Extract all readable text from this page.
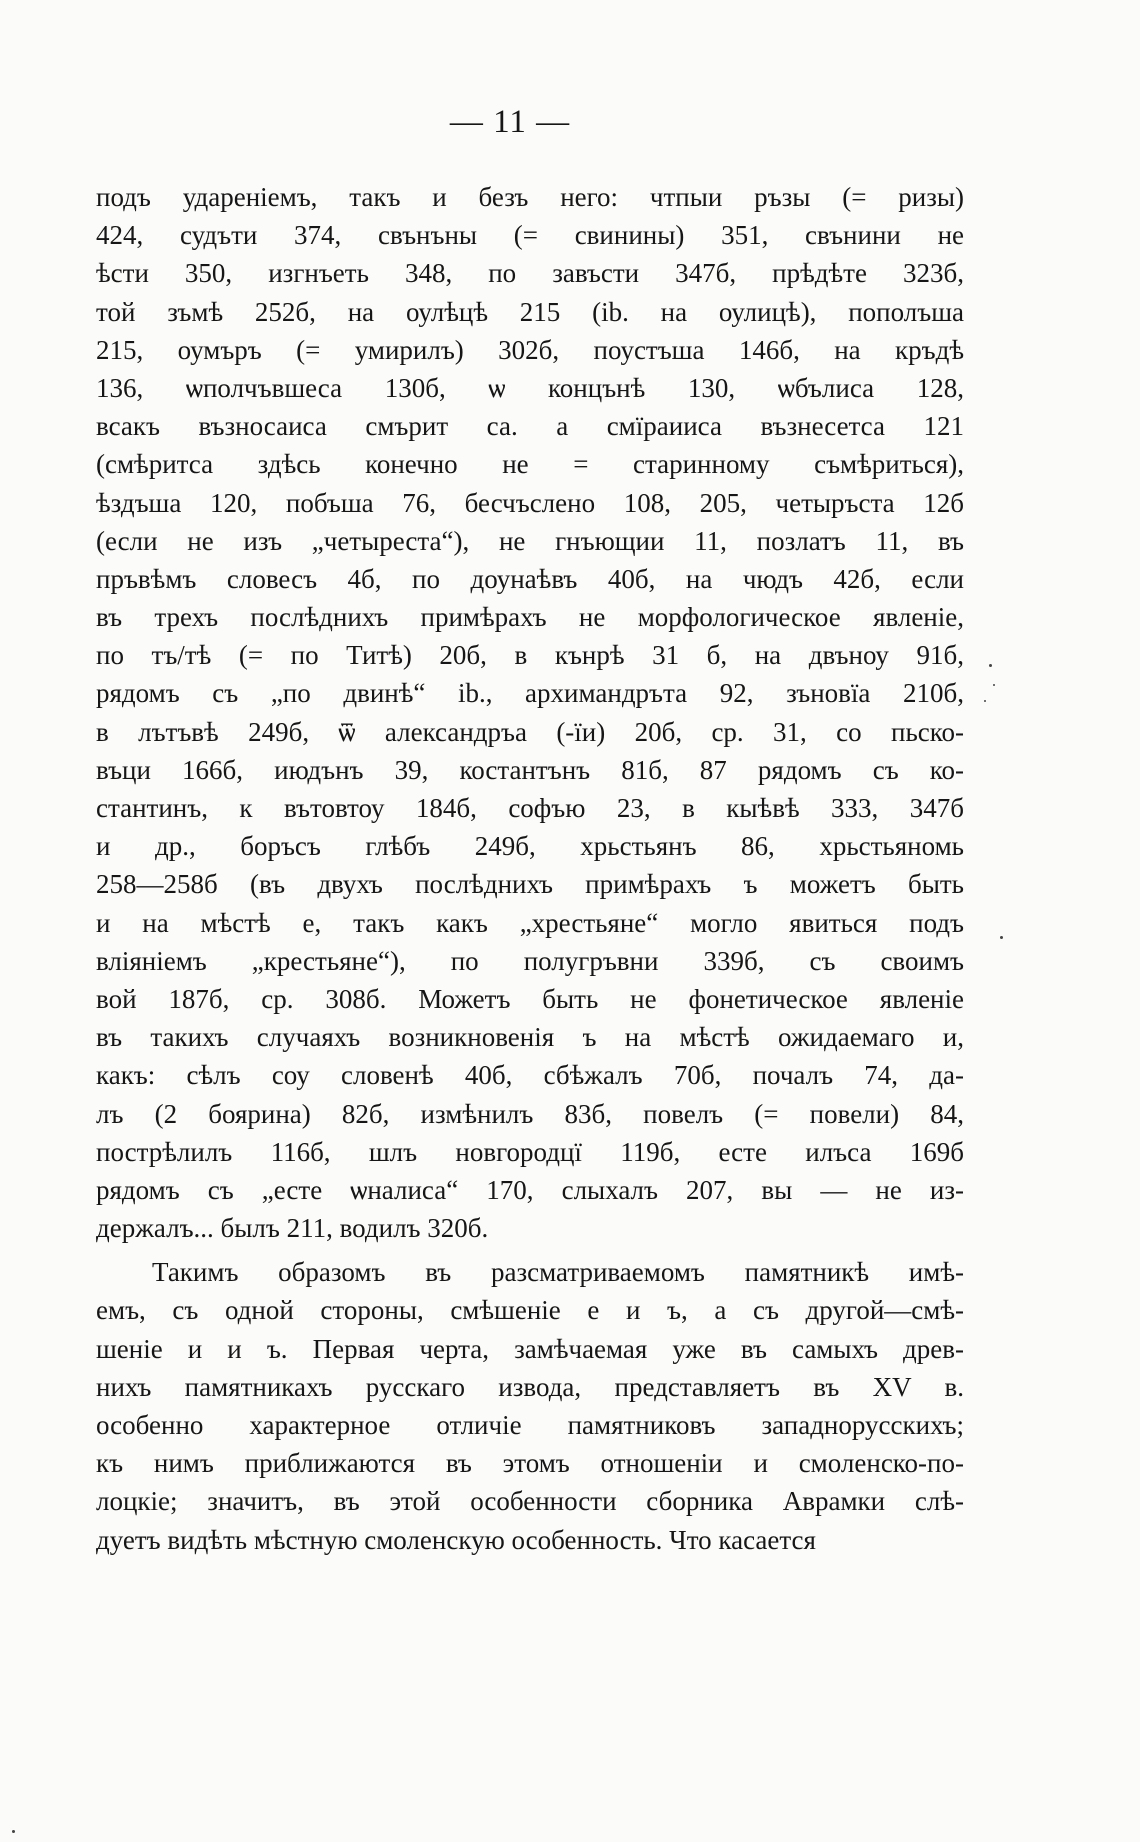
— 11 —
подъ удареніемъ, такъ и безъ него: чтпыи ръзы (= ризы)
424, судъти 374, свънъны (= свинины) 351, свънини не
ѣсти 350, изгнъеть 348, по завъсти 347б, прѣдѣте 323б,
той зъмѣ 252б, на оулѣцѣ 215 (ib. на оулицѣ), пополъша
215, оумъръ (= умирилъ) 302б, поустъша 146б, на кръдѣ
136, ѡполчъвшеса 130б, ѡ концънѣ 130, ѡбълиса 128,
всакъ възносаиса смърит са. а смїраииса възнесетса 121
(смѣритса здѣсь конечно не = старинному съмѣриться),
ѣздъша 120, побъша 76, бесчъслено 108, 205, четыръста 12б
(если не изъ „четыреста“), не гнъющии 11, позлатъ 11, въ
пръвѣмъ словесъ 4б, по доунаѣвъ 40б, на чюдъ 42б, если
въ трехъ послѣднихъ примѣрахъ не морфологическое явленіе,
по тъ/тѣ (= по Титѣ) 20б, в кънрѣ 31 б, на двъноу 91б,
рядомъ съ „по двинѣ“ ib., архимандръта 92, зъновїа 210б,
в лътъвѣ 249б, ѿ александръа (-їи) 20б, ср. 31, со пьско-
въци 166б, июдънъ 39, костантънъ 81б, 87 рядомъ съ ко-
стантинъ, к вътовтоу 184б, софъю 23, в кыѣвѣ 333, 347б
и др., боръсъ глѣбъ 249б, хрьстьянъ 86, хрьстьяномь
258—258б (въ двухъ послѣднихъ примѣрахъ ъ можетъ быть
и на мѣстѣ е, такъ какъ „хрестьяне“ могло явиться подъ
вліяніемъ „крестьяне“), по полугръвни 339б, съ своимъ
вой 187б, ср. 308б. Можетъ быть не фонетическое явленіе
въ такихъ случаяхъ возникновенія ъ на мѣстѣ ожидаемаго и,
какъ: сѣлъ соу словенѣ 40б, сбѣжалъ 70б, почалъ 74, да-
лъ (2 боярина) 82б, измѣнилъ 83б, повелъ (= повели) 84,
пострѣлилъ 116б, шлъ новгородцї 119б, есте илъса 169б
рядомъ съ „есте ѡналиса“ 170, слыхалъ 207, вы — не из-
держалъ... былъ 211, водилъ 320б.
Такимъ образомъ въ разсматриваемомъ памятникѣ имѣ-
емъ, съ одной стороны, смѣшеніе е и ъ, а съ другой—смѣ-
шеніе и и ъ. Первая черта, замѣчаемая уже въ самыхъ древ-
нихъ памятникахъ русскаго извода, представляетъ въ XV в.
особенно характерное отличіе памятниковъ западнорусскихъ;
къ нимъ приближаются въ этомъ отношеніи и смоленско-по-
лоцкіе; значитъ, въ этой особенности сборника Аврамки слѣ-
дуетъ видѣть мѣстную смоленскую особенность. Что касается
